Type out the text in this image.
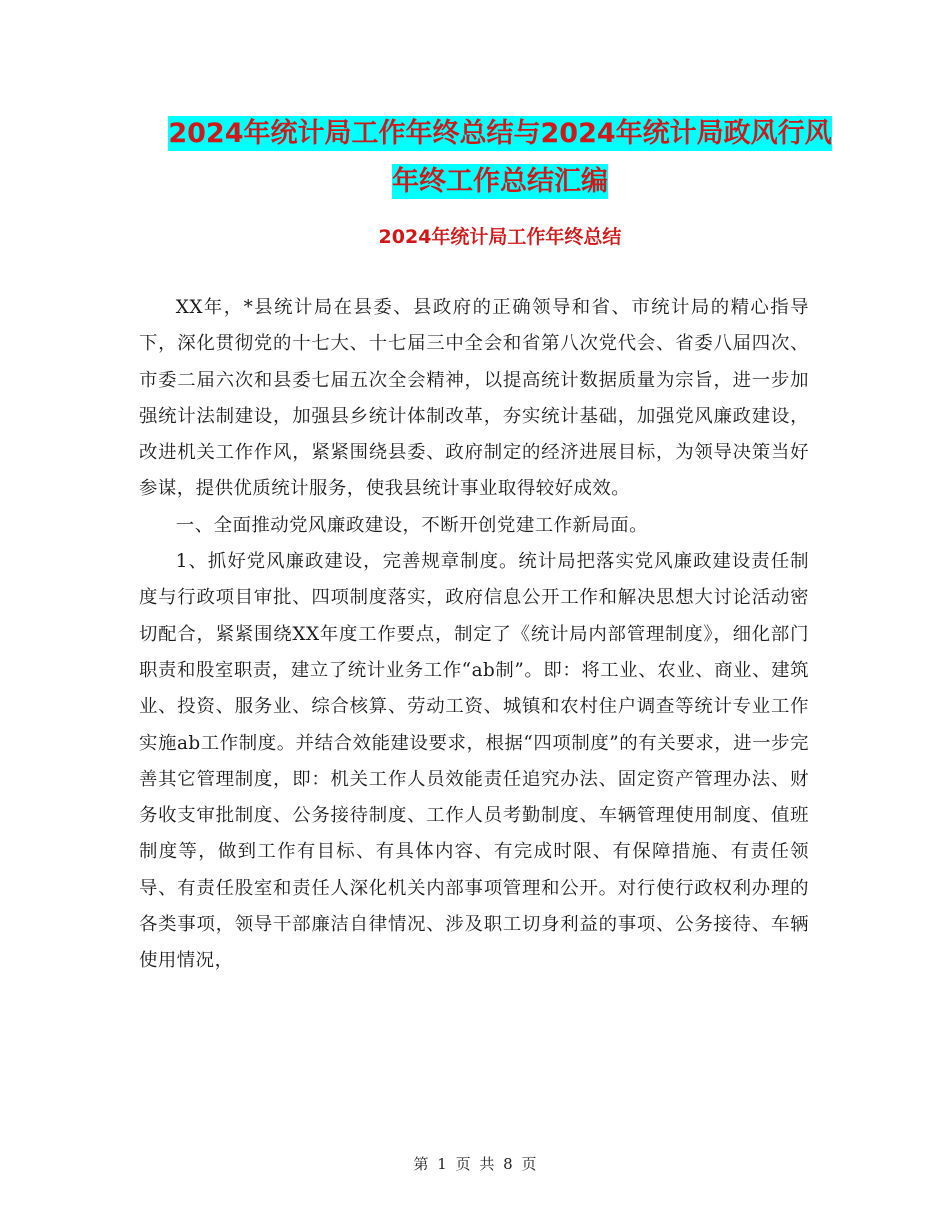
2024年统计局工作年终总结与2024年统计局政风行风
年终工作总结汇编
2024年统计局工作年终总结

XX年，*县统计局在县委、县政府的正确领导和省、市统计局的精心指导下，深化贯彻党的十七大、十七届三中全会和省第八次党代会、省委八届四次、市委二届六次和县委七届五次全会精神，以提高统计数据质量为宗旨，进一步加强统计法制建设，加强县乡统计体制改革，夯实统计基础，加强党风廉政建设，改进机关工作作风，紧紧围绕县委、政府制定的经济进展目标，为领导决策当好参谋，提供优质统计服务，使我县统计事业取得较好成效。

一、全面推动党风廉政建设，不断开创党建工作新局面。

1、抓好党风廉政建设，完善规章制度。统计局把落实党风廉政建设责任制度与行政项目审批、四项制度落实，政府信息公开工作和解决思想大讨论活动密切配合，紧紧围绕XX年度工作要点，制定了《统计局内部管理制度》，细化部门职责和股室职责，建立了统计业务工作“ab制”。即：将工业、农业、商业、建筑业、投资、服务业、综合核算、劳动工资、城镇和农村住户调查等统计专业工作实施ab工作制度。并结合效能建设要求，根据“四项制度”的有关要求，进一步完善其它管理制度，即：机关工作人员效能责任追究办法、固定资产管理办法、财务收支审批制度、公务接待制度、工作人员考勤制度、车辆管理使用制度、值班制度等，做到工作有目标、有具体内容、有完成时限、有保障措施、有责任领导、有责任股室和责任人深化机关内部事项管理和公开。对行使行政权利办理的各类事项，领导干部廉洁自律情况、涉及职工切身利益的事项、公务接待、车辆使用情况，

第 1 页 共 8 页
